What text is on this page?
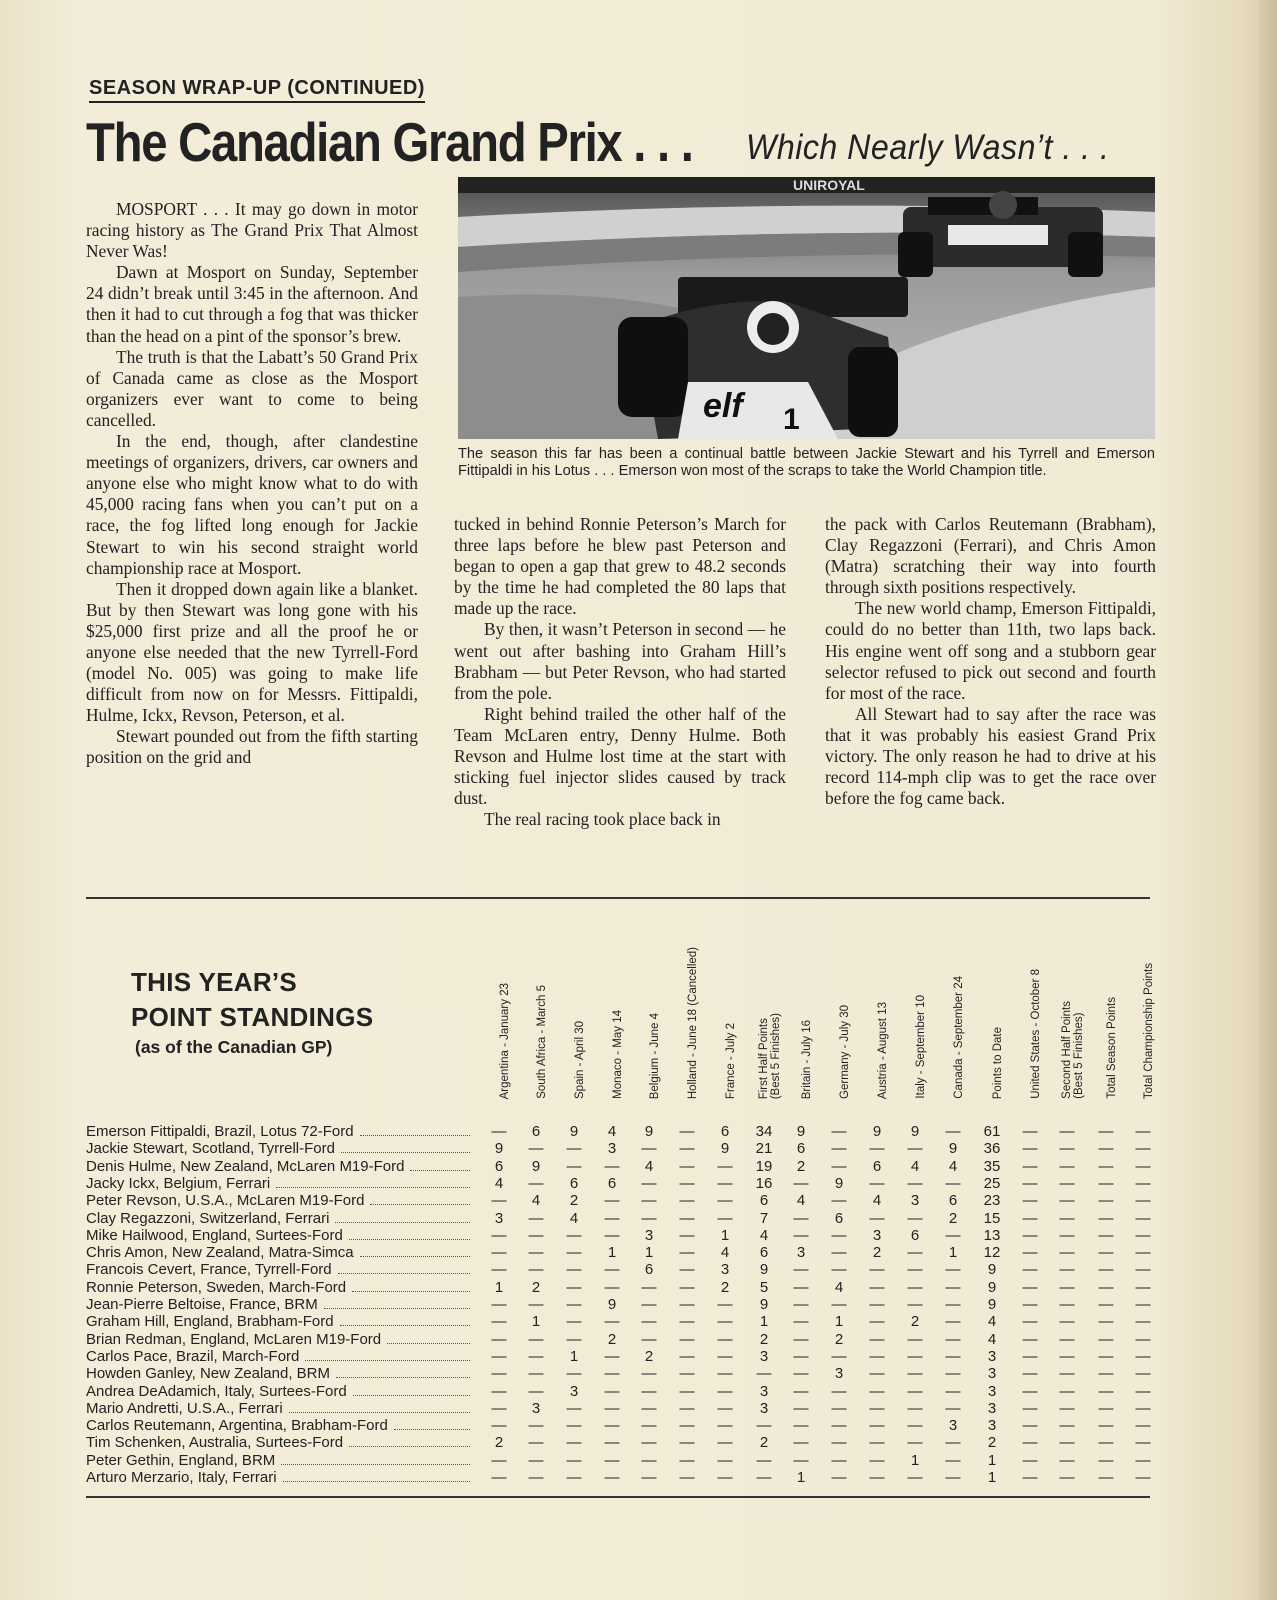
SEASON WRAP-UP (CONTINUED)
The Canadian Grand Prix . . . Which Nearly Wasn’t . . .

MOSPORT . . . It may go down in motor racing history as The Grand Prix That Almost Never Was!

Dawn at Mosport on Sunday, September 24 didn’t break until 3:45 in the afternoon. And then it had to cut through a fog that was thicker than the head on a pint of the sponsor’s brew.

The truth is that the Labatt’s 50 Grand Prix of Canada came as close as the Mosport organizers ever want to come to being cancelled.

In the end, though, after clandestine meetings of organizers, drivers, car owners and anyone else who might know what to do with 45,000 racing fans when you can’t put on a race, the fog lifted long enough for Jackie Stewart to win his second straight world championship race at Mosport.

Then it dropped down again like a blanket. But by then Stewart was long gone with his $25,000 first prize and all the proof he or anyone else needed that the new Tyrrell-Ford (model No. 005) was going to make life difficult from now on for Messrs. Fittipaldi, Hulme, Ickx, Revson, Peterson, et al.

Stewart pounded out from the fifth starting position on the grid and

UNIROYAL
elf 1
The season this far has been a continual battle between Jackie Stewart and his Tyrrell and Emerson Fittipaldi in his Lotus . . . Emerson won most of the scraps to take the World Champion title.

tucked in behind Ronnie Peterson’s March for three laps before he blew past Peterson and began to open a gap that grew to 48.2 seconds by the time he had completed the 80 laps that made up the race.

By then, it wasn’t Peterson in second — he went out after bashing into Graham Hill’s Brabham — but Peter Revson, who had started from the pole.

Right behind trailed the other half of the Team McLaren entry, Denny Hulme. Both Revson and Hulme lost time at the start with sticking fuel injector slides caused by track dust.

The real racing took place back in

the pack with Carlos Reutemann (Brabham), Clay Regazzoni (Ferrari), and Chris Amon (Matra) scratching their way into fourth through sixth positions respectively.

The new world champ, Emerson Fittipaldi, could do no better than 11th, two laps back. His engine went off song and a stubborn gear selector refused to pick out second and fourth for most of the race.

All Stewart had to say after the race was that it was probably his easiest Grand Prix victory. The only reason he had to drive at his record 114-mph clip was to get the race over before the fog came back.

THIS YEAR’S
POINT STANDINGS
(as of the Canadian GP)	Argentina - January 23 South Africa - March 5 Spain - April 30 Monaco - May 14 Belgium - June 4 Holland - June 18 (Cancelled) France - July 2 First Half Points (Best 5 Finishes) Britain - July 16 Germany - July 30 Austria - August 13 Italy - September 10 Canada - September 24 Points to Date United States - October 8 Second Half Points (Best 5 Finishes) Total Season Points Total Championship Points
Emerson Fittipaldi, Brazil, Lotus 72-Ford	—	6	9	4	9	—	6	34	9	—	9	9	—	61	—	—	—	—
Jackie Stewart, Scotland, Tyrrell-Ford	9	—	—	3	—	—	9	21	6	—	—	—	9	36	—	—	—	—
Denis Hulme, New Zealand, McLaren M19-Ford	6	9	—	—	4	—	—	19	2	—	6	4	4	35	—	—	—	—
Jacky Ickx, Belgium, Ferrari	4	—	6	6	—	—	—	16	—	9	—	—	—	25	—	—	—	—
Peter Revson, U.S.A., McLaren M19-Ford	—	4	2	—	—	—	—	6	4	—	4	3	6	23	—	—	—	—
Clay Regazzoni, Switzerland, Ferrari	3	—	4	—	—	—	—	7	—	6	—	—	2	15	—	—	—	—
Mike Hailwood, England, Surtees-Ford	—	—	—	—	3	—	1	4	—	—	3	6	—	13	—	—	—	—
Chris Amon, New Zealand, Matra-Simca	—	—	—	1	1	—	4	6	3	—	2	—	1	12	—	—	—	—
Francois Cevert, France, Tyrrell-Ford	—	—	—	—	6	—	3	9	—	—	—	—	—	9	—	—	—	—
Ronnie Peterson, Sweden, March-Ford	1	2	—	—	—	—	2	5	—	4	—	—	—	9	—	—	—	—
Jean-Pierre Beltoise, France, BRM	—	—	—	9	—	—	—	9	—	—	—	—	—	9	—	—	—	—
Graham Hill, England, Brabham-Ford	—	1	—	—	—	—	—	1	—	1	—	2	—	4	—	—	—	—
Brian Redman, England, McLaren M19-Ford	—	—	—	2	—	—	—	2	—	2	—	—	—	4	—	—	—	—
Carlos Pace, Brazil, March-Ford	—	—	1	—	2	—	—	3	—	—	—	—	—	3	—	—	—	—
Howden Ganley, New Zealand, BRM	—	—	—	—	—	—	—	—	—	3	—	—	—	3	—	—	—	—
Andrea DeAdamich, Italy, Surtees-Ford	—	—	3	—	—	—	—	3	—	—	—	—	—	3	—	—	—	—
Mario Andretti, U.S.A., Ferrari	—	3	—	—	—	—	—	3	—	—	—	—	—	3	—	—	—	—
Carlos Reutemann, Argentina, Brabham-Ford	—	—	—	—	—	—	—	—	—	—	—	—	3	3	—	—	—	—
Tim Schenken, Australia, Surtees-Ford	2	—	—	—	—	—	—	2	—	—	—	—	—	2	—	—	—	—
Peter Gethin, England, BRM	—	—	—	—	—	—	—	—	—	—	—	1	—	1	—	—	—	—
Arturo Merzario, Italy, Ferrari	—	—	—	—	—	—	—	—	1	—	—	—	—	1	—	—	—	—
